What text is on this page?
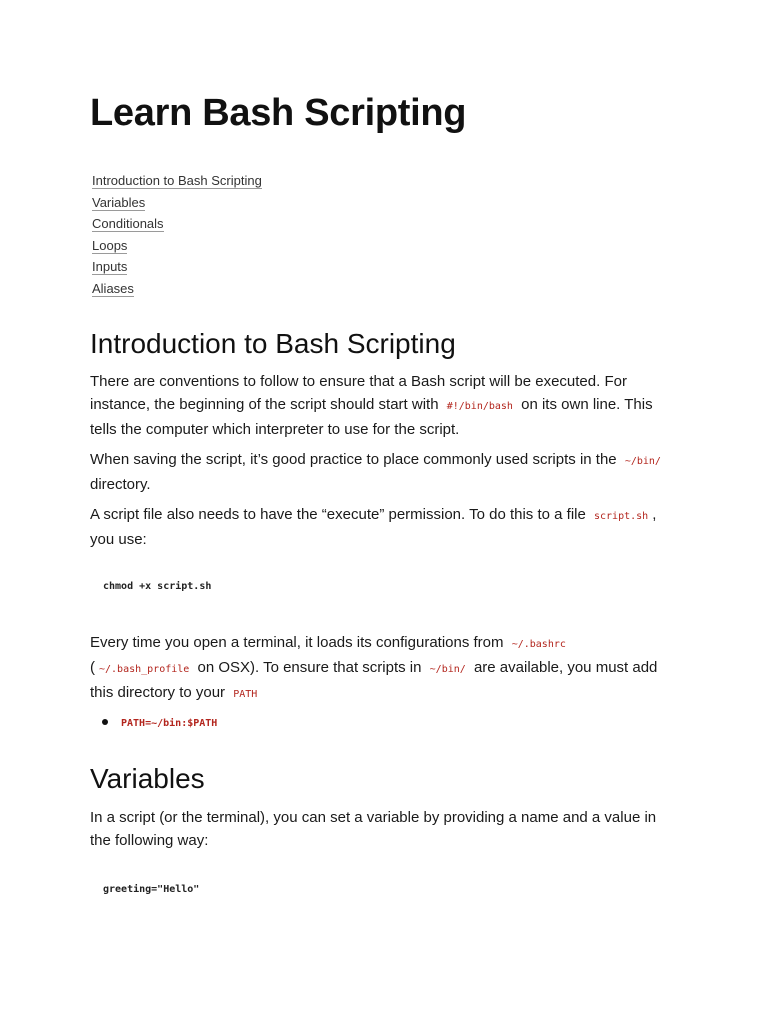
Learn Bash Scripting
Introduction to Bash Scripting
Variables
Conditionals
Loops
Inputs
Aliases
Introduction to Bash Scripting

There are conventions to follow to ensure that a Bash script will be executed. For instance, the beginning of the script should start with #!/bin/bash on its own line. This tells the computer which interpreter to use for the script.

When saving the script, it’s good practice to place commonly used scripts in the ~/bin/ directory.

A script file also needs to have the “execute” permission. To do this to a file script.sh , you use:

chmod +x script.sh

Every time you open a terminal, it loads its configurations from ~/.bashrc ( ~/.bash_profile on OSX). To ensure that scripts in ~/bin/ are available, you must add this directory to your PATH

PATH=~/bin:$PATH
Variables

In a script (or the terminal), you can set a variable by providing a name and a value in the following way:

greeting="Hello"
